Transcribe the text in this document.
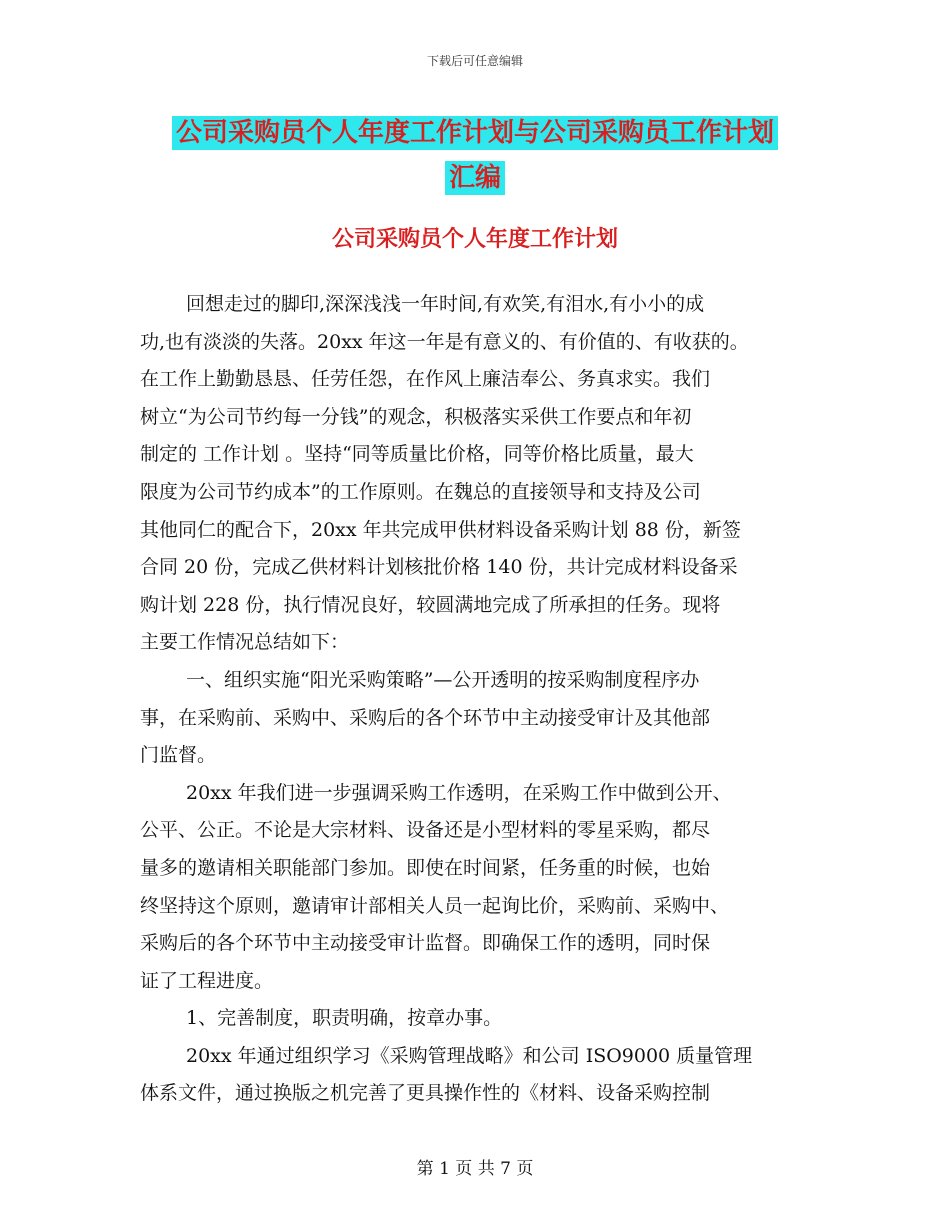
下载后可任意编辑
公司采购员个人年度工作计划与公司采购员工作计划
汇编
公司采购员个人年度工作计划
回想走过的脚印,深深浅浅一年时间,有欢笑,有泪水,有小小的成
功,也有淡淡的失落。20xx 年这一年是有意义的、有价值的、有收获的。
在工作上勤勤恳恳、任劳任怨，在作风上廉洁奉公、务真求实。我们
树立“为公司节约每一分钱”的观念，积极落实采供工作要点和年初
制定的 工作计划 。坚持“同等质量比价格，同等价格比质量，最大
限度为公司节约成本”的工作原则。在魏总的直接领导和支持及公司
其他同仁的配合下，20xx 年共完成甲供材料设备采购计划 88 份，新签
合同 20 份，完成乙供材料计划核批价格 140 份，共计完成材料设备采
购计划 228 份，执行情况良好，较圆满地完成了所承担的任务。现将
主要工作情况总结如下：
一、组织实施“阳光采购策略”—公开透明的按采购制度程序办
事，在采购前、采购中、采购后的各个环节中主动接受审计及其他部
门监督。
20xx 年我们进一步强调采购工作透明，在采购工作中做到公开、
公平、公正。不论是大宗材料、设备还是小型材料的零星采购，都尽
量多的邀请相关职能部门参加。即使在时间紧，任务重的时候，也始
终坚持这个原则，邀请审计部相关人员一起询比价，采购前、采购中、
采购后的各个环节中主动接受审计监督。即确保工作的透明，同时保
证了工程进度。
1、完善制度，职责明确，按章办事。
20xx 年通过组织学习《采购管理战略》和公司 ISO9000 质量管理
体系文件，通过换版之机完善了更具操作性的《材料、设备采购控制
第 1 页 共 7 页
